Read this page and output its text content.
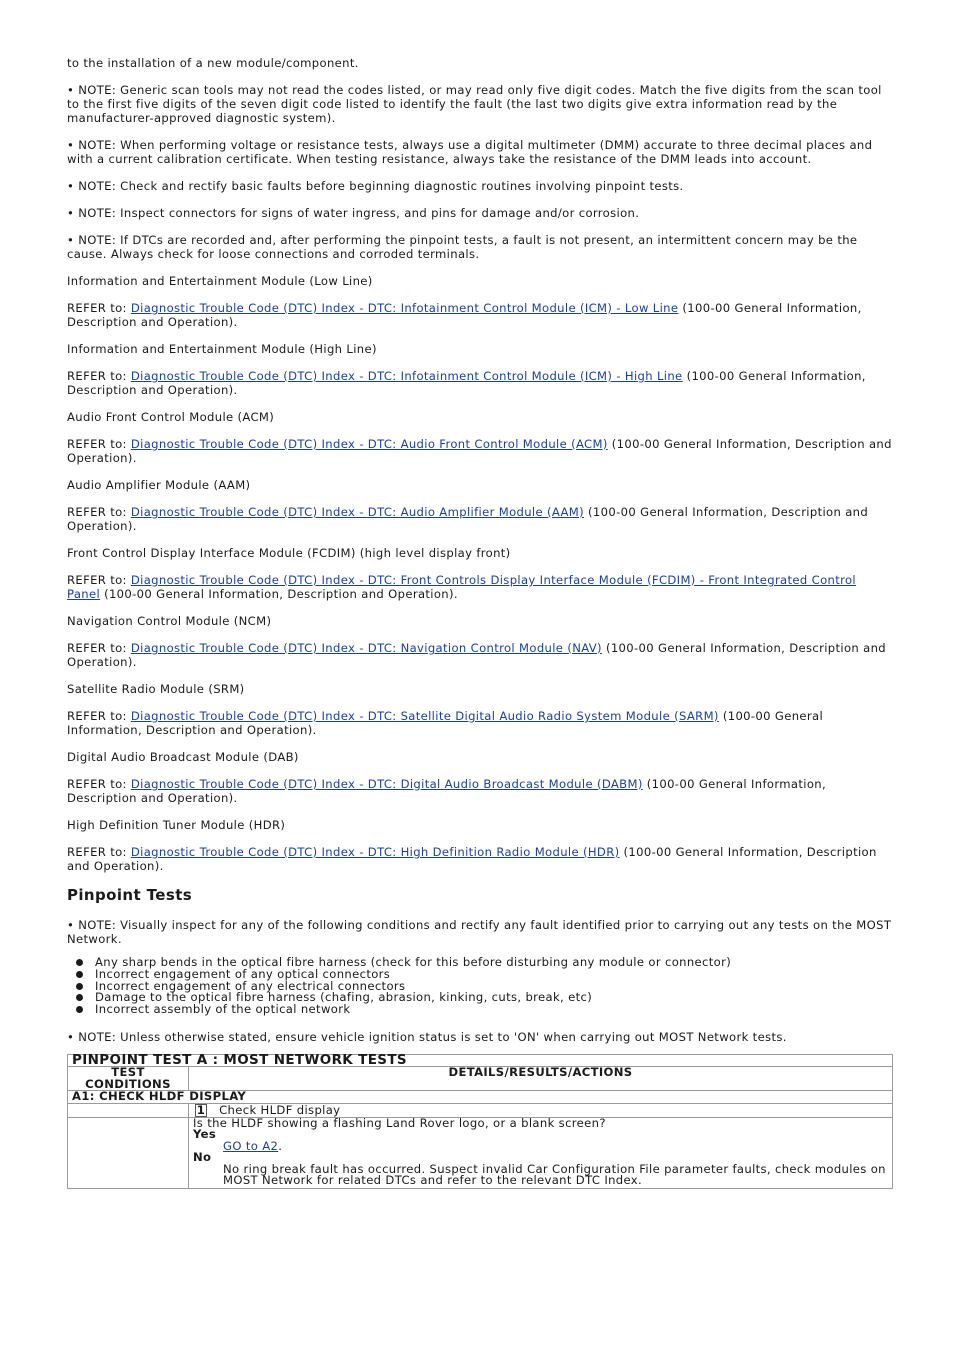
to the installation of a new module/component.

• NOTE: Generic scan tools may not read the codes listed, or may read only five digit codes. Match the five digits from the scan tool to the first five digits of the seven digit code listed to identify the fault (the last two digits give extra information read by the manufacturer-approved diagnostic system).

• NOTE: When performing voltage or resistance tests, always use a digital multimeter (DMM) accurate to three decimal places and with a current calibration certificate. When testing resistance, always take the resistance of the DMM leads into account.

• NOTE: Check and rectify basic faults before beginning diagnostic routines involving pinpoint tests.

• NOTE: Inspect connectors for signs of water ingress, and pins for damage and/or corrosion.

• NOTE: If DTCs are recorded and, after performing the pinpoint tests, a fault is not present, an intermittent concern may be the cause. Always check for loose connections and corroded terminals.

Information and Entertainment Module (Low Line)

REFER to: Diagnostic Trouble Code (DTC) Index - DTC: Infotainment Control Module (ICM) - Low Line (100-00 General Information, Description and Operation).

Information and Entertainment Module (High Line)

REFER to: Diagnostic Trouble Code (DTC) Index - DTC: Infotainment Control Module (ICM) - High Line (100-00 General Information, Description and Operation).

Audio Front Control Module (ACM)

REFER to: Diagnostic Trouble Code (DTC) Index - DTC: Audio Front Control Module (ACM) (100-00 General Information, Description and Operation).

Audio Amplifier Module (AAM)

REFER to: Diagnostic Trouble Code (DTC) Index - DTC: Audio Amplifier Module (AAM) (100-00 General Information, Description and Operation).

Front Control Display Interface Module (FCDIM) (high level display front)

REFER to: Diagnostic Trouble Code (DTC) Index - DTC: Front Controls Display Interface Module (FCDIM) - Front Integrated Control Panel (100-00 General Information, Description and Operation).

Navigation Control Module (NCM)

REFER to: Diagnostic Trouble Code (DTC) Index - DTC: Navigation Control Module (NAV) (100-00 General Information, Description and Operation).

Satellite Radio Module (SRM)

REFER to: Diagnostic Trouble Code (DTC) Index - DTC: Satellite Digital Audio Radio System Module (SARM) (100-00 General Information, Description and Operation).

Digital Audio Broadcast Module (DAB)

REFER to: Diagnostic Trouble Code (DTC) Index - DTC: Digital Audio Broadcast Module (DABM) (100-00 General Information, Description and Operation).

High Definition Tuner Module (HDR)

REFER to: Diagnostic Trouble Code (DTC) Index - DTC: High Definition Radio Module (HDR) (100-00 General Information, Description and Operation).

Pinpoint Tests

• NOTE: Visually inspect for any of the following conditions and rectify any fault identified prior to carrying out any tests on the MOST Network.

Any sharp bends in the optical fibre harness (check for this before disturbing any module or connector)
Incorrect engagement of any optical connectors
Incorrect engagement of any electrical connectors
Damage to the optical fibre harness (chafing, abrasion, kinking, cuts, break, etc)
Incorrect assembly of the optical network

• NOTE: Unless otherwise stated, ensure vehicle ignition status is set to 'ON' when carrying out MOST Network tests.

PINPOINT TEST A : MOST NETWORK TESTS	
TEST
CONDITIONS	DETAILS/RESULTS/ACTIONS
A1: CHECK HLDF DISPLAY	
	1 Check HLDF display

	Is the HLDF showing a flashing Land Rover logo, or a blank screen?
Yes
GO to A2.
No
No ring break fault has occurred. Suspect invalid Car Configuration File parameter faults, check modules on MOST Network for related DTCs and refer to the relevant DTC Index.
